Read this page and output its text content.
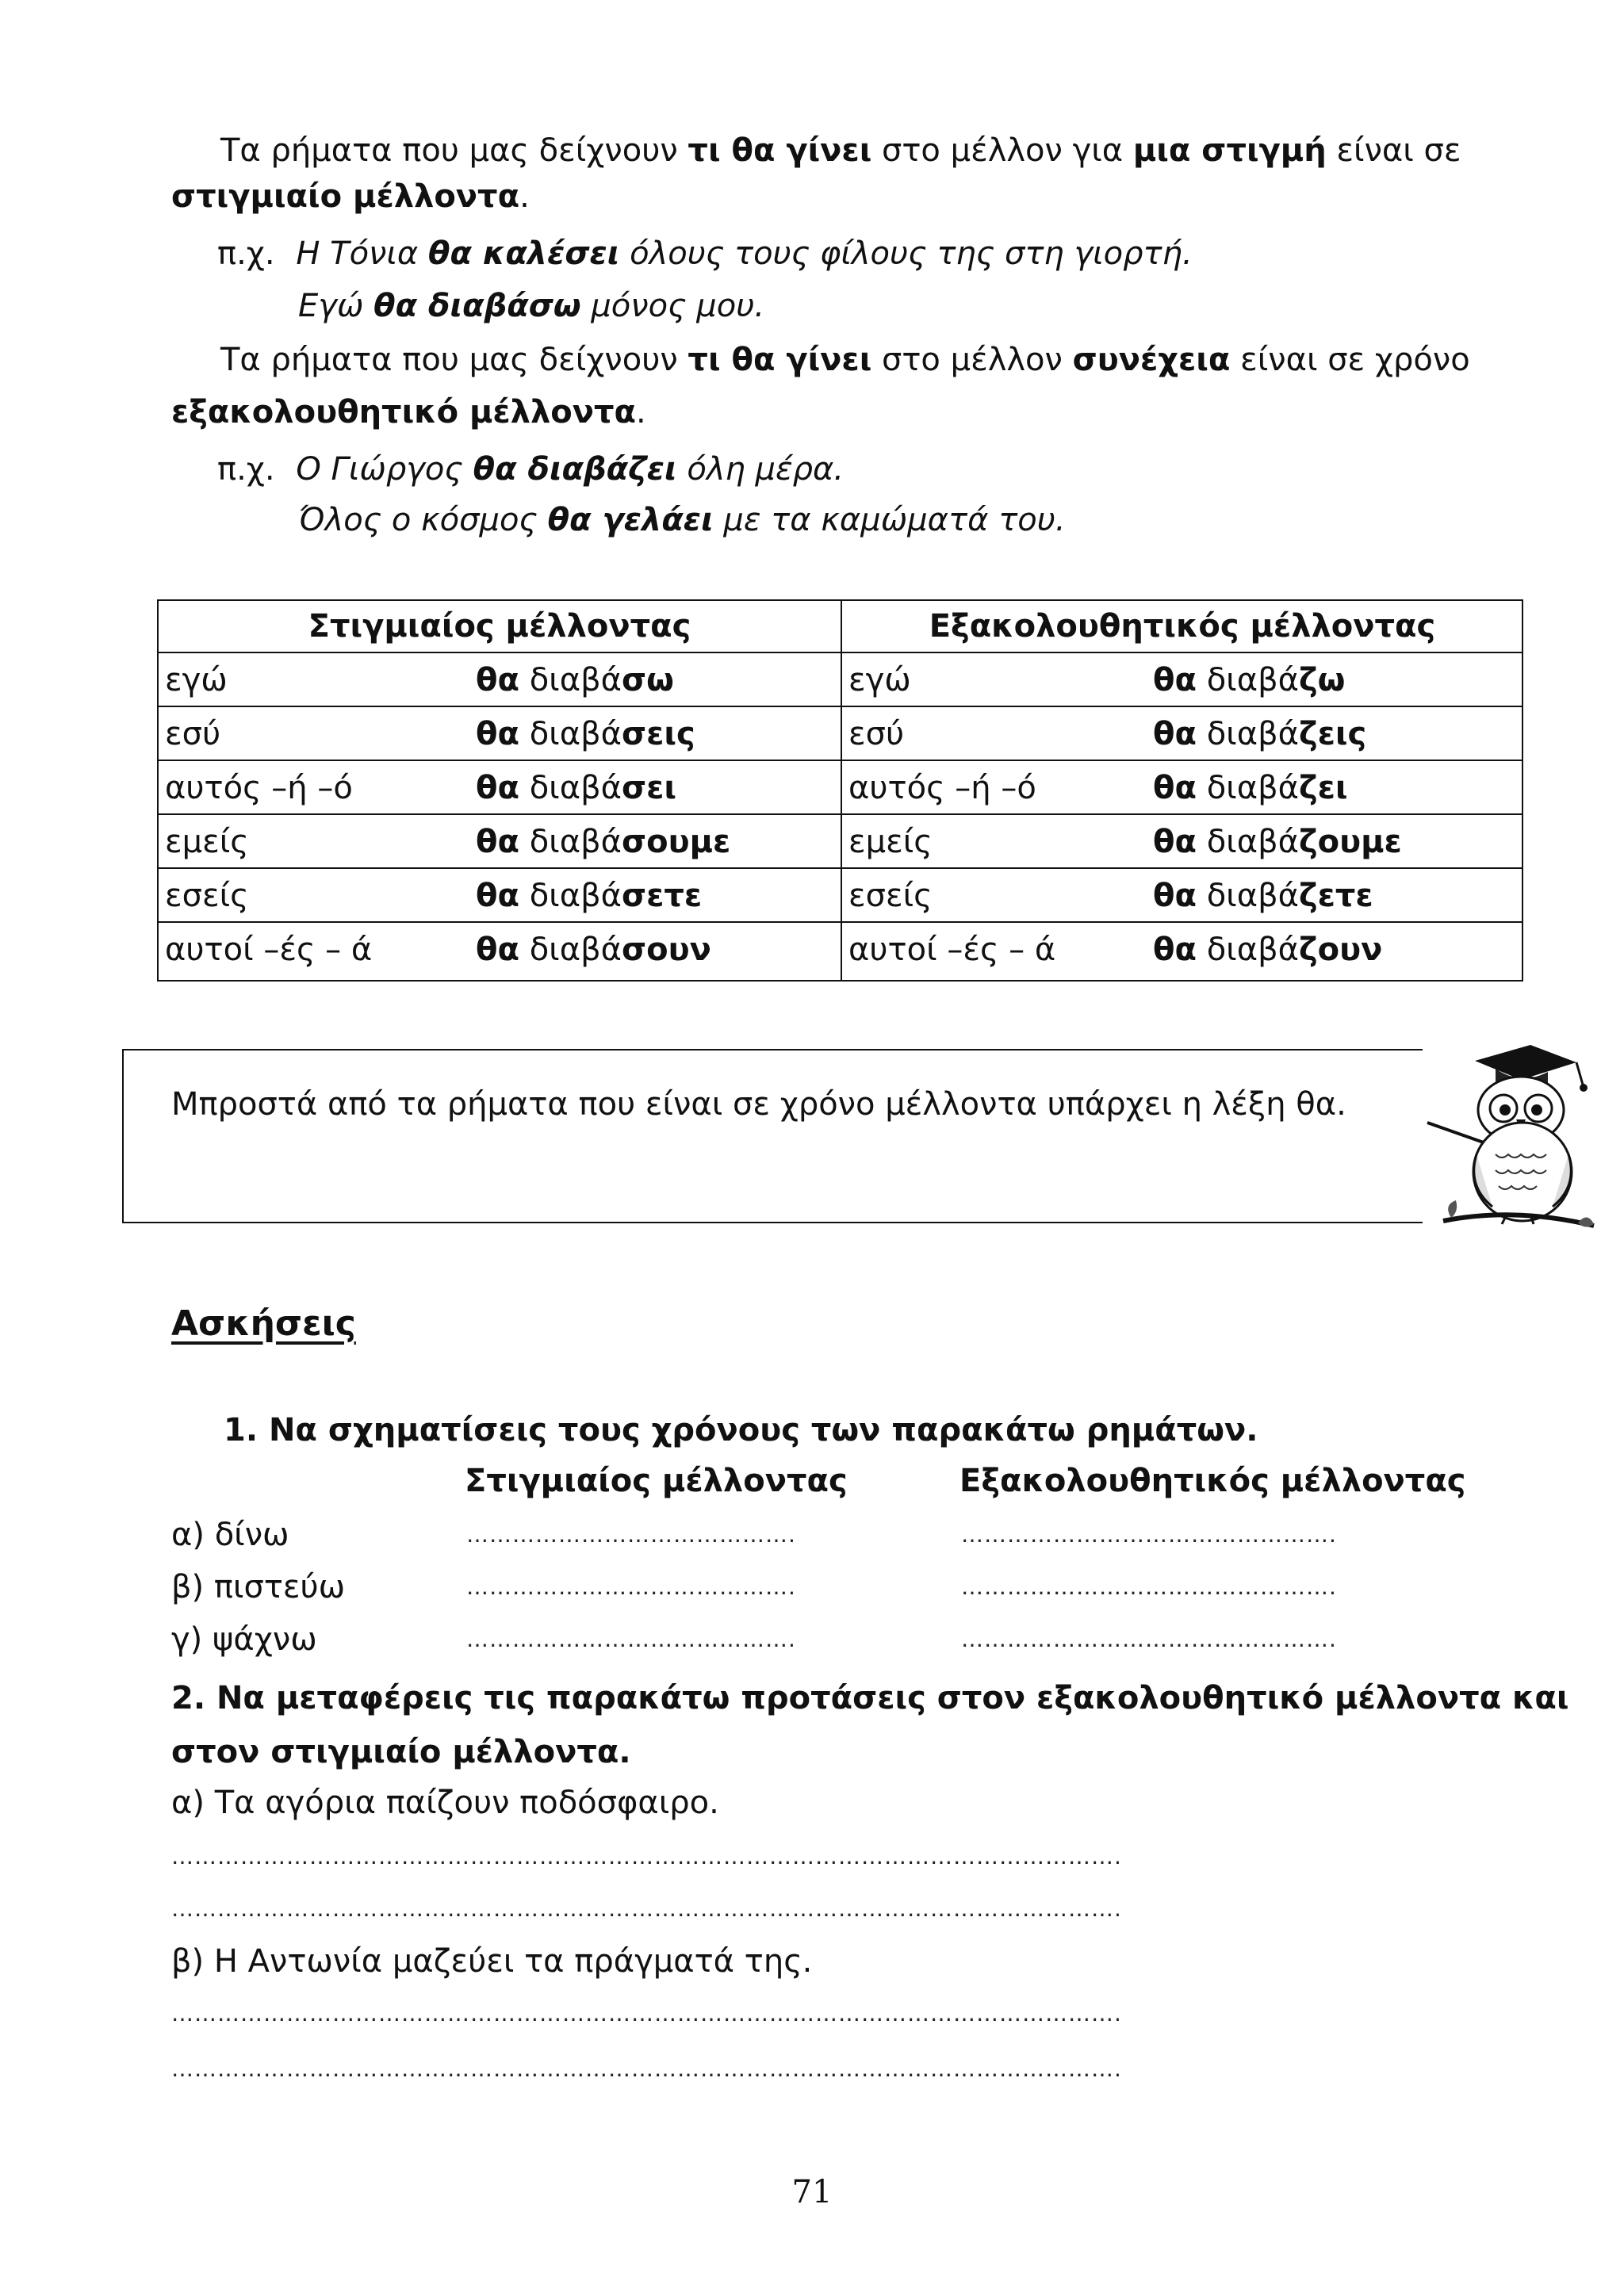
Τα ρήματα που μας δείχνουν τι θα γίνει στο μέλλον για μια στιγμή είναι σε
στιγμιαίο μέλλοντα.
π.χ. Η Τόνια θα καλέσει όλους τους φίλους της στη γιορτή.
Εγώ θα διαβάσω μόνος μου.
Τα ρήματα που μας δείχνουν τι θα γίνει στο μέλλον συνέχεια είναι σε χρόνο
εξακολουθητικό μέλλοντα.
π.χ. Ο Γιώργος θα διαβάζει όλη μέρα.
Όλος ο κόσμος θα γελάει με τα καμώματά του.
Στιγμιαίος μέλλοντας	Εξακολουθητικός μέλλοντας
εγώ	θα διαβάσω	εγώ	θα διαβάζω
εσύ	θα διαβάσεις	εσύ	θα διαβάζεις
αυτός –ή –ό	θα διαβάσει	αυτός –ή –ό	θα διαβάζει
εμείς	θα διαβάσουμε	εμείς	θα διαβάζουμε
εσείς	θα διαβάσετε	εσείς	θα διαβάζετε
αυτοί –ές – ά	θα διαβάσουν	αυτοί –ές – ά	θα διαβάζουν
Μπροστά από τα ρήματα που είναι σε χρόνο μέλλοντα υπάρχει η λέξη θα.
Ασκήσεις
1. Να σχηματίσεις τους χρόνους των παρακάτω ρημάτων.
Στιγμιαίος μέλλοντας	Εξακολουθητικός μέλλοντας
α) δίνω	…………………………………….	………………………………………….
β) πιστεύω	…………………………………….	………………………………………….
γ) ψάχνω	…………………………………….	………………………………………….
2. Να μεταφέρεις τις παρακάτω προτάσεις στον εξακολουθητικό μέλλοντα και
στον στιγμιαίο μέλλοντα.
α) Τα αγόρια παίζουν ποδόσφαιρο.
…………………………………………………………………………………………………………….
…………………………………………………………………………………………………………….
β) Η Αντωνία μαζεύει τα πράγματά της.
…………………………………………………………………………………………………………….
…………………………………………………………………………………………………………….
71
